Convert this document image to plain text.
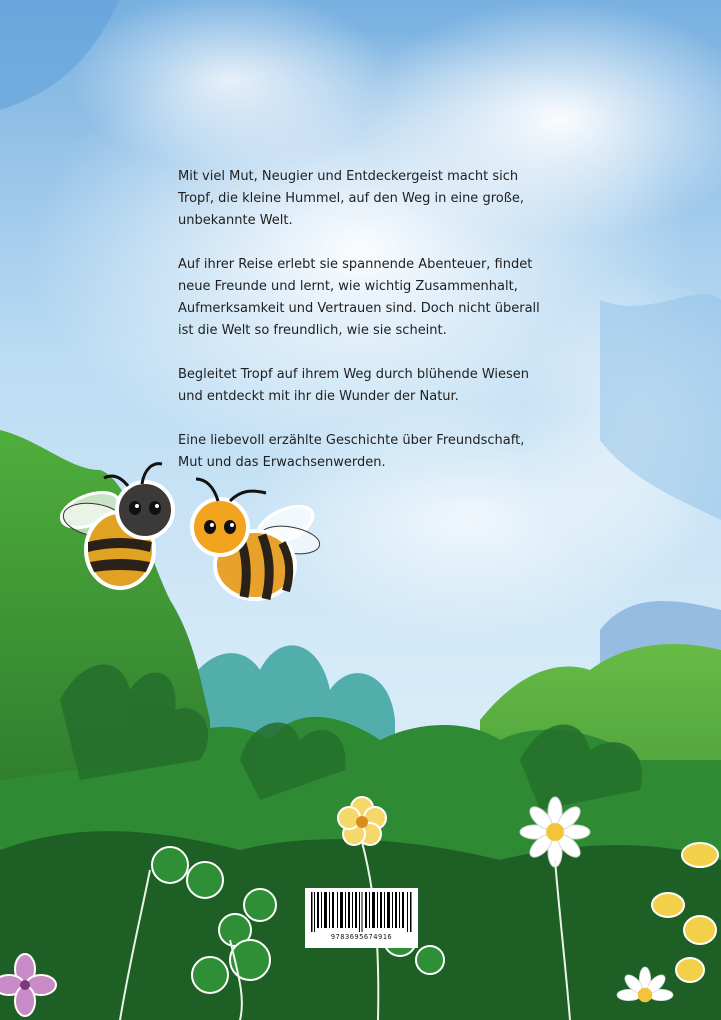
Mit viel Mut, Neugier und Entdeckergeist macht sich Tropf, die kleine Hummel, auf den Weg in eine große, unbekannte Welt.

Auf ihrer Reise erlebt sie spannende Abenteuer, findet neue Freunde und lernt, wie wichtig Zusammenhalt, Aufmerksamkeit und Vertrauen sind. Doch nicht überall ist die Welt so freundlich, wie sie scheint.

Begleitet Tropf auf ihrem Weg durch blühende Wiesen und entdeckt mit ihr die Wunder der Natur.

Eine liebevoll erzählte Geschichte über Freundschaft, Mut und das Erwachsenwerden.

9783695674916
